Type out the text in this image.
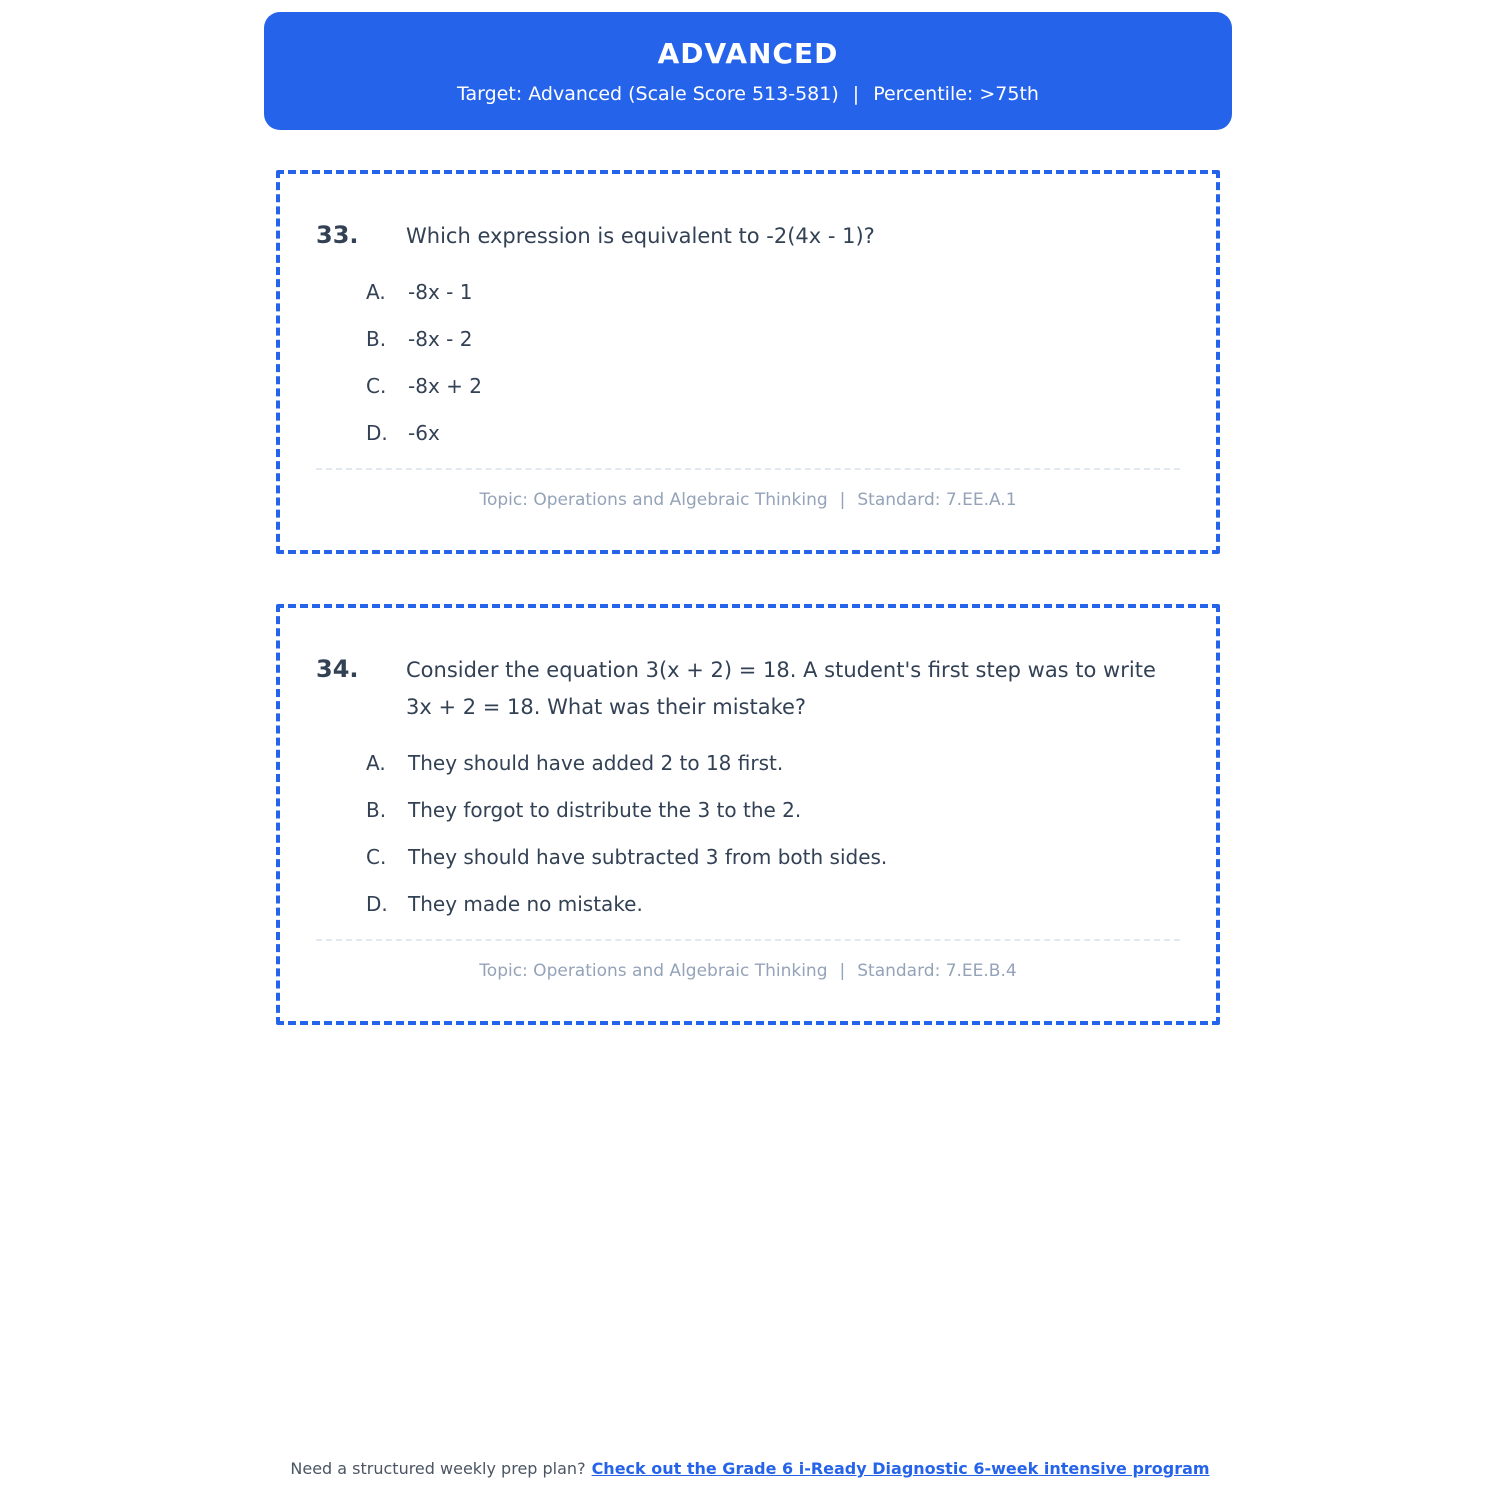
ADVANCED
Target: Advanced (Scale Score 513-581) | Percentile: >75th
33.	Which expression is equivalent to -2(4x - 1)?
A.	-8x - 1
B.	-8x - 2
C.	-8x + 2
D.	-6x
Topic: Operations and Algebraic Thinking | Standard: 7.EE.A.1
34.	Consider the equation 3(x + 2) = 18. A student's first step was to write 3x + 2 = 18. What was their mistake?
A.	They should have added 2 to 18 first.
B.	They forgot to distribute the 3 to the 2.
C.	They should have subtracted 3 from both sides.
D.	They made no mistake.
Topic: Operations and Algebraic Thinking | Standard: 7.EE.B.4
Need a structured weekly prep plan? Check out the Grade 6 i-Ready Diagnostic 6-week intensive program
